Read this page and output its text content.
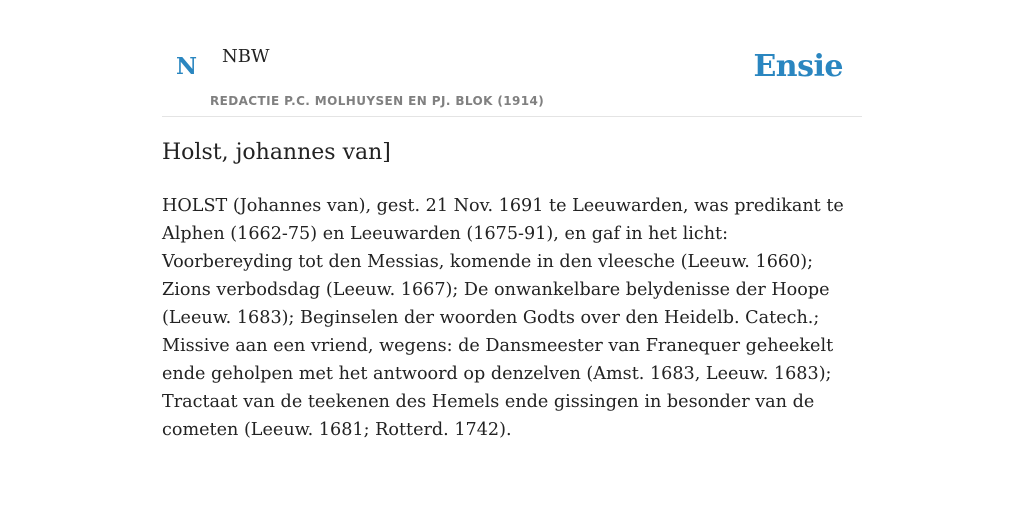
N NBW
REDACTIE P.C. MOLHUYSEN EN PJ. BLOK (1914)
Ensie
Holst, johannes van]

HOLST (Johannes van), gest. 21 Nov. 1691 te Leeuwarden, was predikant te Alphen (1662-75) en Leeuwarden (1675-91), en gaf in het licht: Voorbereyding tot den Messias, komende in den vleesche (Leeuw. 1660); Zions verbodsdag (Leeuw. 1667); De onwankelbare belydenisse der Hoope (Leeuw. 1683); Beginselen der woorden Godts over den Heidelb. Catech.; Missive aan een vriend, wegens: de Dansmeester van Franequer geheekelt ende geholpen met het antwoord op denzelven (Amst. 1683, Leeuw. 1683); Tractaat van de teekenen des Hemels ende gissingen in besonder van de cometen (Leeuw. 1681; Rotterd. 1742).
